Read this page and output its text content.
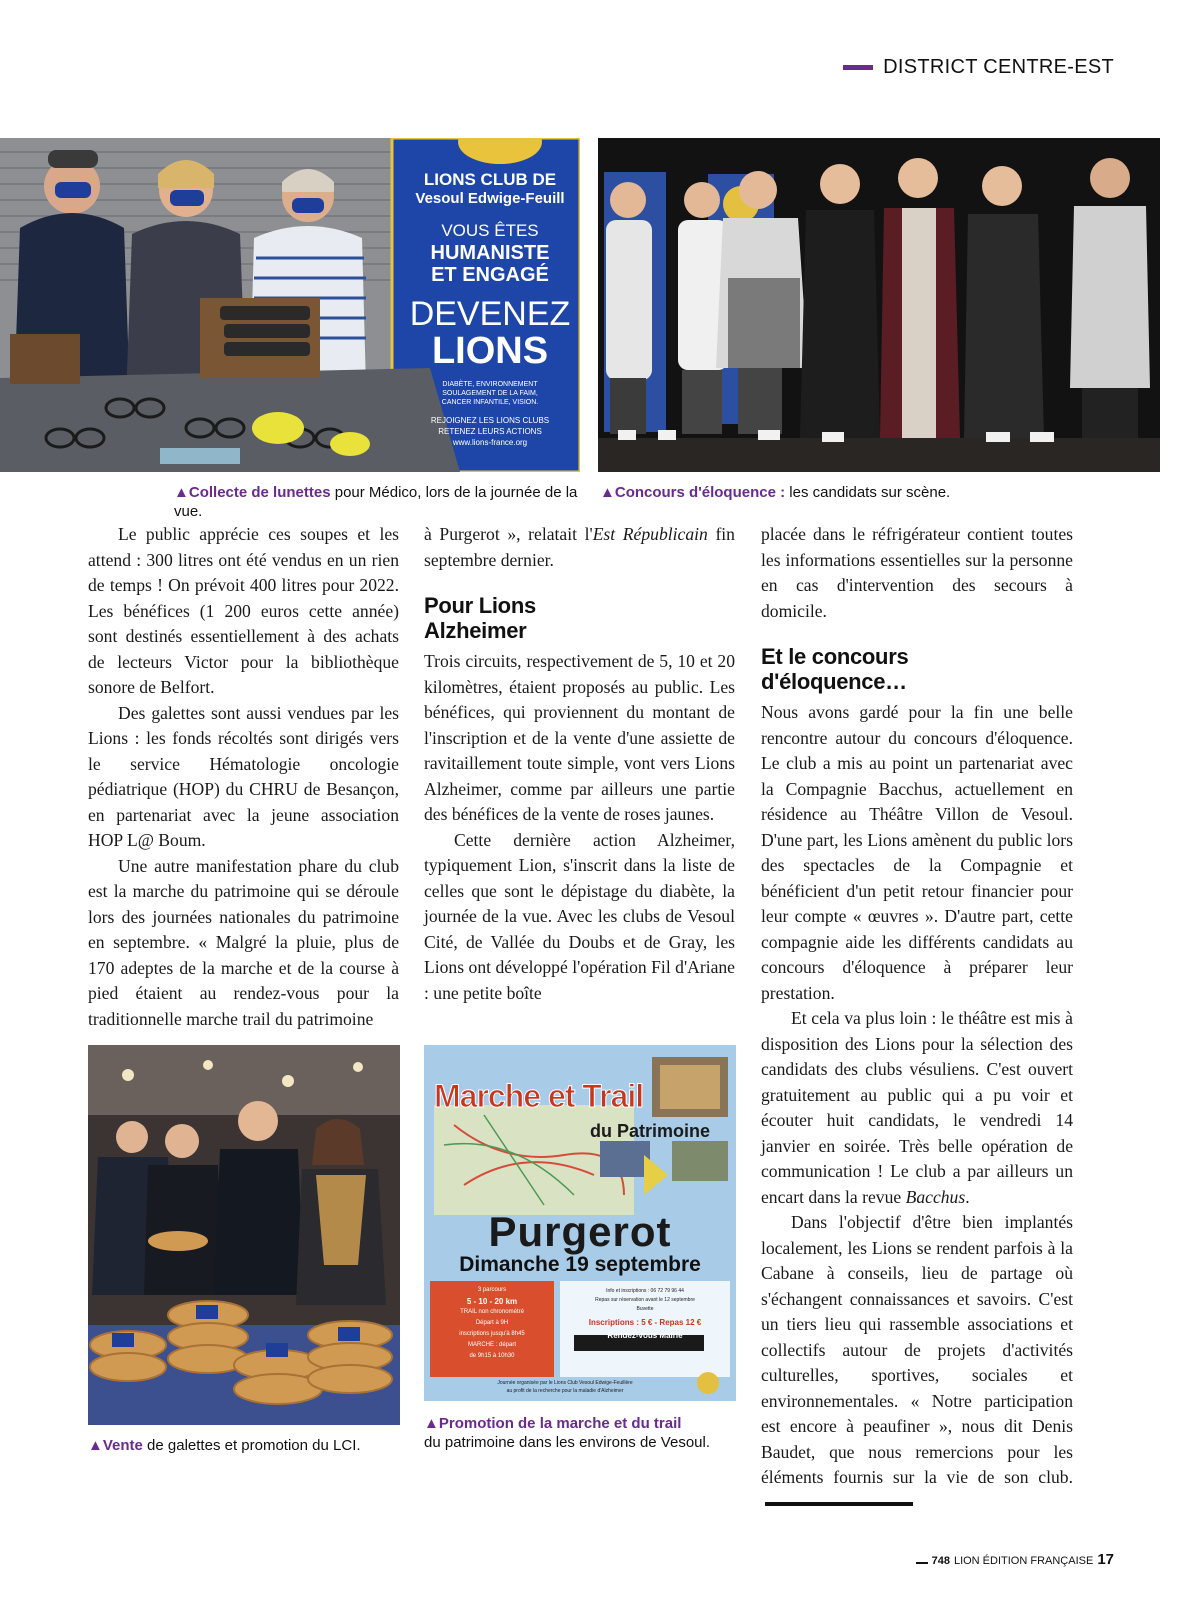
DISTRICT CENTRE-EST
LIONS CLUB DE
Vesoul Edwige-Feuill
VOUS ÊTES
HUMANISTE
ET ENGAGÉ
DEVENEZ
LIONS
DIABÈTE, ENVIRONNEMENT
SOULAGEMENT DE LA FAIM,
CANCER INFANTILE, VISION.
REJOIGNEZ LES LIONS CLUBS
RETENEZ LEURS ACTIONS
www.lions-france.org
▲Collecte de lunettes pour Médico, lors de la journée de la vue.
▲Concours d'éloquence : les candidats sur scène.

Le public apprécie ces soupes et les attend : 300 litres ont été vendus en un rien de temps ! On prévoit 400 litres pour 2022. Les bénéfices (1 200 euros cette année) sont destinés essentiellement à des achats de lecteurs Victor pour la bibliothèque sonore de Belfort.

Des galettes sont aussi vendues par les Lions : les fonds récoltés sont dirigés vers le service Hématologie oncologie pédiatrique (HOP) du CHRU de Besançon, en partenariat avec la jeune association HOP L@ Boum.

Une autre manifestation phare du club est la marche du patrimoine qui se déroule lors des journées nationales du patrimoine en septembre. « Malgré la pluie, plus de 170 adeptes de la marche et de la course à pied étaient au rendez-vous pour la traditionnelle marche trail du patrimoine

à Purgerot », relatait l'Est Républicain fin septembre dernier.

Pour Lions
Alzheimer

Trois circuits, respectivement de 5, 10 et 20 kilomètres, étaient proposés au public. Les bénéfices, qui proviennent du montant de l'inscription et de la vente d'une assiette de ravitaillement toute simple, vont vers Lions Alzheimer, comme par ailleurs une partie des bénéfices de la vente de roses jaunes.

Cette dernière action Alzheimer, typiquement Lion, s'inscrit dans la liste de celles que sont le dépistage du diabète, la journée de la vue. Avec les clubs de Vesoul Cité, de Vallée du Doubs et de Gray, les Lions ont développé l'opération Fil d'Ariane : une petite boîte

placée dans le réfrigérateur contient toutes les informations essentielles sur la personne en cas d'intervention des secours à domicile.

Et le concours
d'éloquence…

Nous avons gardé pour la fin une belle rencontre autour du concours d'éloquence. Le club a mis au point un partenariat avec la Compagnie Bacchus, actuellement en résidence au Théâtre Villon de Vesoul. D'une part, les Lions amènent du public lors des spectacles de la Compagnie et bénéficient d'un petit retour financier pour leur compte « œuvres ». D'autre part, cette compagnie aide les différents candidats au concours d'éloquence à préparer leur prestation.

Et cela va plus loin : le théâtre est mis à disposition des Lions pour la sélection des candidats des clubs vésuliens. C'est ouvert gratuitement au public qui a pu voir et écouter huit candidats, le vendredi 14 janvier en soirée. Très belle opération de communication ! Le club a par ailleurs un encart dans la revue Bacchus.

Dans l'objectif d'être bien implantés localement, les Lions se rendent parfois à la Cabane à conseils, lieu de partage où s'échangent connaissances et savoirs. C'est un tiers lieu qui rassemble associations et collectifs autour de projets d'activités culturelles, sportives, sociales et environnementales. « Notre participation est encore à peaufiner », nous dit Denis Baudet, que nous remercions pour les éléments fournis sur la vie de son club.

Marche et Trail
du Patrimoine
Purgerot
Dimanche 19 septembre
3 parcours
5 - 10 - 20 km
TRAIL non chronométré
Départ à 9H
inscriptions jusqu'à 8h45
MARCHE : départ
de 9h15 à 10h30
Info et inscriptions : 06 72 79 96 44
Repas sur réservation avant le 12 septembre
Buvette
Inscriptions : 5 € - Repas 12 €
Rendez-vous Mairie
Journée organisée par le Lions Club Vesoul Edwige-Feuillère
au profit de la recherche pour la maladie d'Alzheimer
▲Vente de galettes et promotion du LCI.
▲Promotion de la marche et du trail
du patrimoine dans les environs de Vesoul.
748 LION ÉDITION FRANÇAISE 17
